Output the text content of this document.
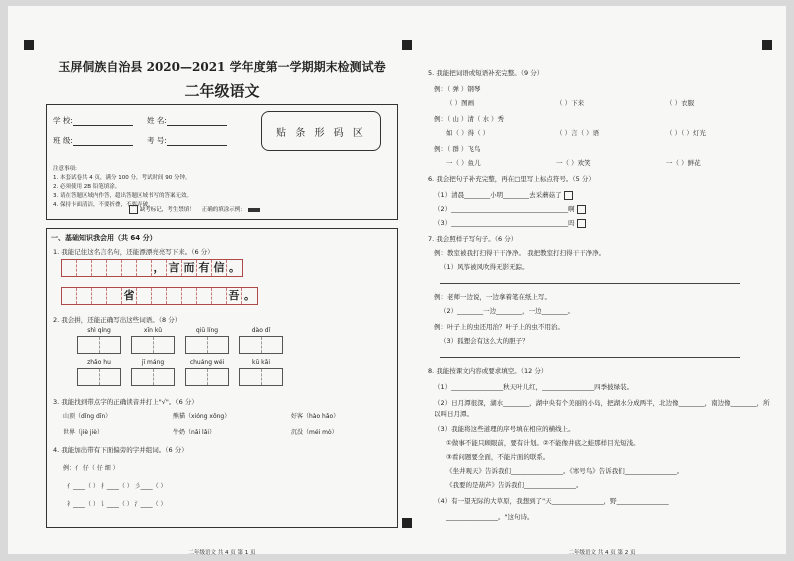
玉屏侗族自治县 2020—2021 学年度第一学期期末检测试卷
二年级语文
学 校:	姓 名:
班 级:	考 号:
贴 条 形 码 区
注意事项:
1. 本套试卷共 4 页，满分 100 分，考试时间 90 分钟。
2. 必须使用 2B 铅笔填涂。
3. 请在答题区域内作答，超出答题区域书写的答案无效。
4. 保持卡面清洁，不要折叠，不要弄破。
缺考标记，考生禁填！ 正确的填涂示例：
一、基础知识我会用（共 64 分）
1. 我能记住这名言名句，还能漂漂亮亮写下来。（6 分）
， 言 而 有 信 。
省	吾 。
2. 我会拼，还能正确写出这些词语。（8 分）
shì qíng	xīn kǔ	qiū líng	dào dǐ
zhǎo hu	jī máng	chuáng wéi	kū kǎi
3. 我能找到带点字的正确读音并打上"√"。（6 分）
山顶（dǐng dīn）	熊猫（xióng xōng）	好客（hào hǎo）
世界（jiè jiè）	牛奶（nǎi lǎi）	沉没（méi mò）
4. 我能加出带有下面偏旁的字并组词。（6 分）
例：亻 仔（ 仔 细 ）
亻____（ ） 扌____（ ） 彡____（ ）
礻____（ ） 讠____（ ） 氵____（ ）
二年级语文 共 4 页 第 1 页
5. 我能把词语或短语补充完整。（9 分）
例：（ 弹 ）钢琴
（ ）图画	（ ）下来	（ ）衣服
例：（ 山 ）清（ 水 ）秀
如（ ）得（ ）	（ ）言（ ）语	（ ）（ ）灯光
例：（ 群 ）飞鸟
一（ ）鱼儿	一（ ）欢笑	一（ ）鲜花
6. 我会把句子补充完整，再在□里写上标点符号。（5 分）
（1）清晨________小明________去采蘑菇了
（2）____________________________________啊
（3）____________________________________吗
7. 我会照样子写句子。（6 分）
例：教室被我打扫得干干净净。 我把教室打扫得干干净净。
（1）风筝被风吹得无影无踪。
例：老师一边说，一边拿着笔在纸上写。
（2）________一边________，一边________。
例：叶子上的虫还用治？叶子上的虫不用治。
（3）狐狸会有这么大的胆子？
8. 我能按课文内容或要求填空。（12 分）
（1）________________秋天叶儿红，________________四季披绿装。
（2）日月潭很深，湖水________，湖中央有个美丽的小岛，把湖水分成两半，北边像________，南边像________，所以叫日月潭。
（3）我能将这些道理的序号填在相应的横线上。
①做事不能只顾眼前，要有计划。②不能像井底之蛙那样目光短浅。
③看问题要全面，不能片面的联系。
《坐井观天》告诉我们________________。《寒号鸟》告诉我们________________。
《我要的是葫芦》告诉我们________________。
（4）有一望无际的大草原，我想到了"天________________，野________________
________________。"这句诗。
二年级语文 共 4 页 第 2 页
